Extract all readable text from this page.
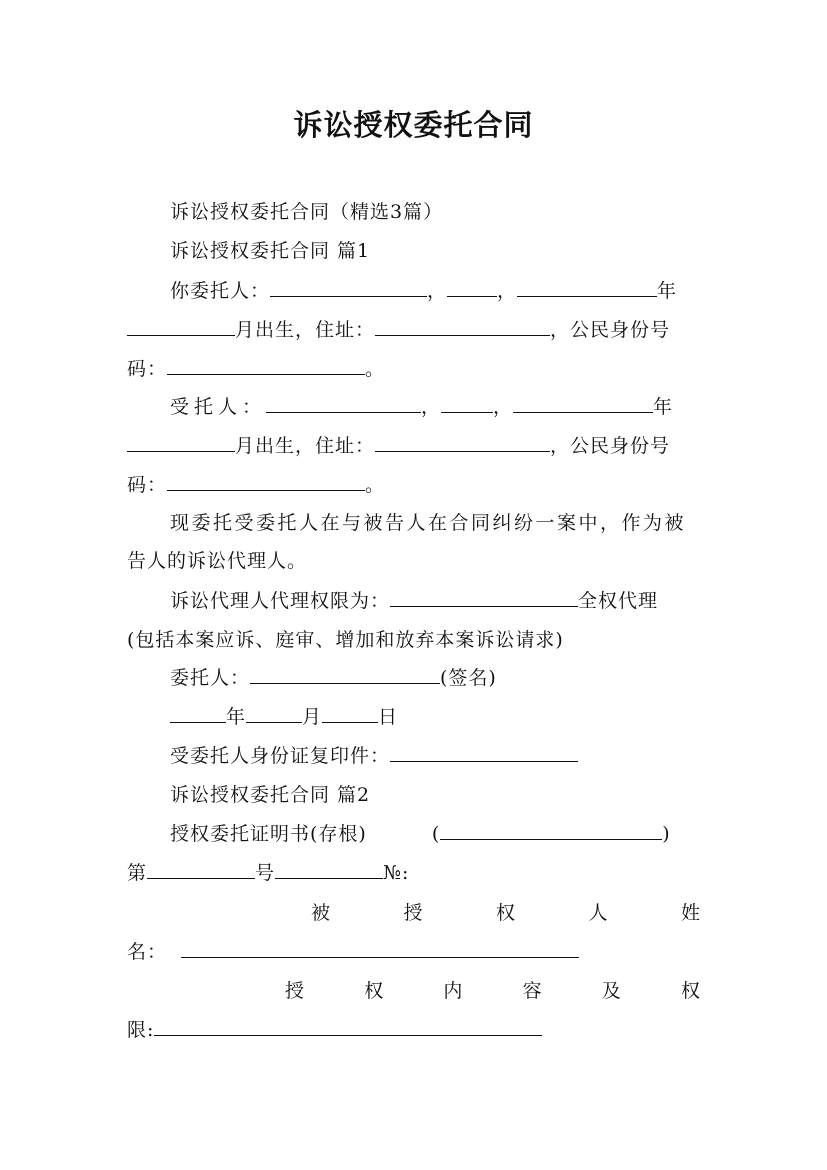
诉讼授权委托合同
诉讼授权委托合同（精选3篇）
诉讼授权委托合同 篇1
你委托人：	，	，	年
月出生，住址：	，公民身份号
码：	。
受托人：	，	，	年
月出生，住址：	，公民身份号
码：	。
现委托受委托人在与被告人在合同纠纷一案中，作为被
告人的诉讼代理人。
诉讼代理人代理权限为：	全权代理
(包括本案应诉、庭审、增加和放弃本案诉讼请求)
委托人：	(签名)
年	月	日
受委托人身份证复印件：
诉讼授权委托合同 篇2
授权委托证明书(存根)	(	)
第	号	№:
被	授	权	人	姓
名：
授	权	内	容	及	权
限:
